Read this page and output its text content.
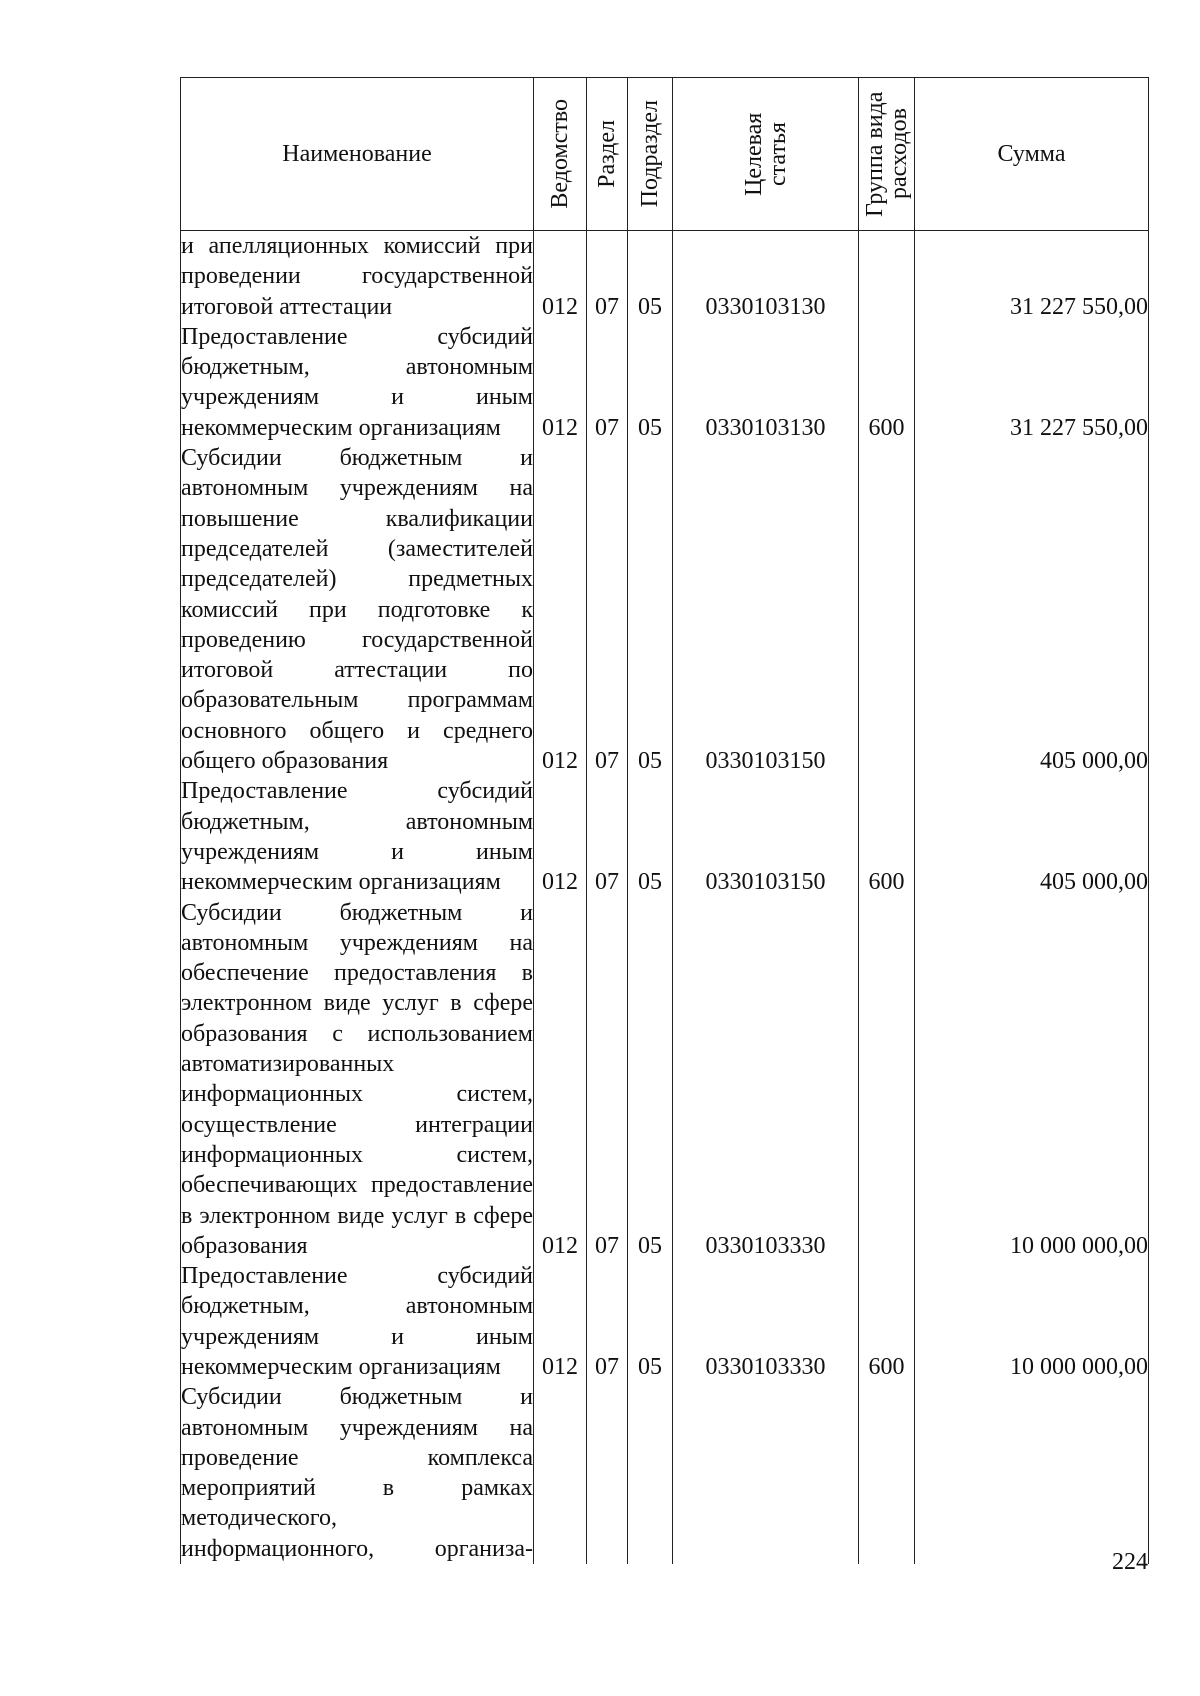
Наименование	Ведомство	Раздел	Подраздел	Целевая статья	Группа вида расходов	Сумма
и апелляционных комиссий при проведении государственной итоговой аттестации	012	07	05	0330103130		31 227 550,00
Предоставление субсидий бюджетным, автономным учреждениям и иным некоммерческим организациям	012	07	05	0330103130	600	31 227 550,00
Субсидии бюджетным и автономным учреждениям на повышение квалификации председателей (заместителей председателей) предметных комиссий при подготовке к проведению государственной итоговой аттестации по образовательным программам основного общего и среднего общего образования	012	07	05	0330103150		405 000,00
Предоставление субсидий бюджетным, автономным учреждениям и иным некоммерческим организациям	012	07	05	0330103150	600	405 000,00
Субсидии бюджетным и автономным учреждениям на обеспечение предоставления в электронном виде услуг в сфере образования с использованием автоматизированных информационных систем, осуществление интеграции информационных систем, обеспечивающих предоставление в электронном виде услуг в сфере образования	012	07	05	0330103330		10 000 000,00
Предоставление субсидий бюджетным, автономным учреждениям и иным некоммерческим организациям	012	07	05	0330103330	600	10 000 000,00
Субсидии бюджетным и автономным учреждениям на проведение комплекса мероприятий в рамках методического, информационного, организа-						
224
